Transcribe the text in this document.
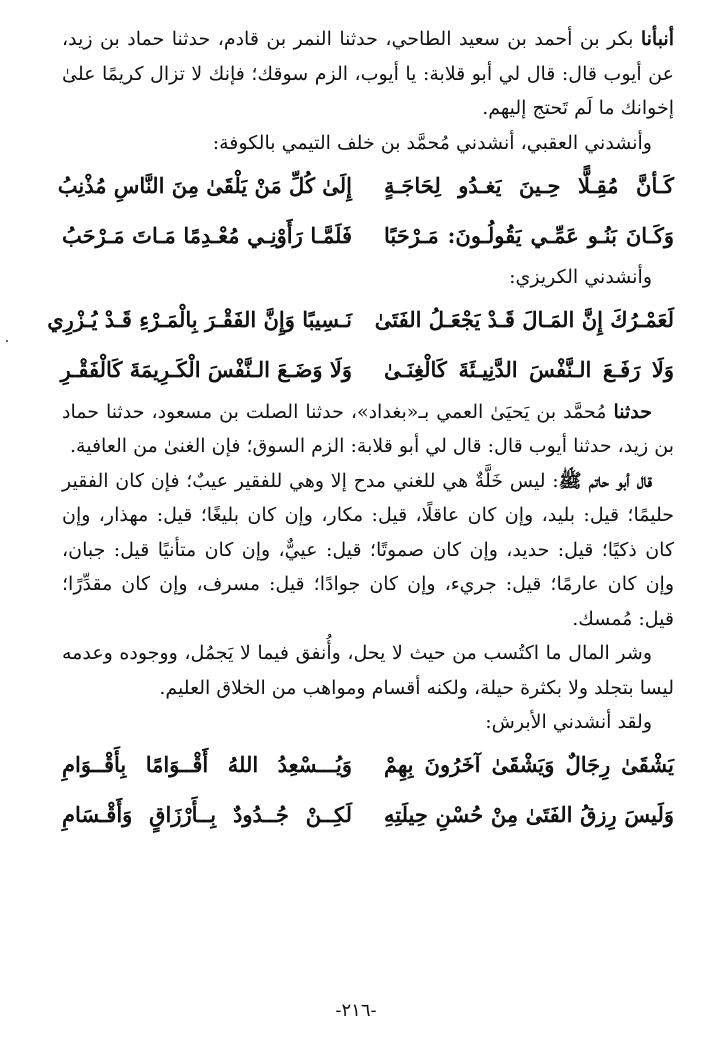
أنبأنا بكر بن أحمد بن سعيد الطاحي، حدثنا النمر بن قادم، حدثنا حماد بن زيد، عن أيوب قال: قال لي أبو قلابة: يا أيوب، الزم سوقك؛ فإنك لا تزال كريمًا علىٰ إخوانك ما لَم تَحتج إليهم.

وأنشدني العقبي، أنشدني مُحمَّد بن خلف التيمي بالكوفة:

كَـأنَّ مُقِـلًّا حِـينَ يَغـدُو لِحَاجَـةٍ
إِلَىٰ كُلِّ مَنْ يَلْقَىٰ مِنَ النَّاسِ مُذْنِبُ
وَكَـانَ بَنُـو عَمِّـي يَقُولُـونَ: مَـرْحَبًا
فَلَمَّـا رَأَوْنِـي مُعْـدِمًا مَـاتَ مَـرْحَبُ

وأنشدني الكريزي:

لَعَمْـرُكَ إِنَّ المَـالَ قَـدْ يَجْعَـلُ الفَتَىٰ
نَـسِيبًا وَإِنَّ الفَقْـرَ بِالْمَـرْءِ قَـدْ يُـزْرِي
وَلَا رَفَـعَ الـنَّفْسَ الدَّنِيـئَةَ كَالْغِنَـىٰ
وَلَا وَضَـعَ الـنَّفْسَ الْكَـرِيمَةَ كَالْفَقْـرِ

حدثنا مُحمَّد بن يَحيَىٰ العمي بـ«بغداد»، حدثنا الصلت بن مسعود، حدثنا حماد بن زيد، حدثنا أيوب قال: قال لي أبو قلابة: الزم السوق؛ فإن الغنىٰ من العافية.

قال أبو حاتم ﷺ: ليس خَلَّةٌ هي للغني مدح إلا وهي للفقير عيبٌ؛ فإن كان الفقير حليمًا؛ قيل: بليد، وإن كان عاقلًا، قيل: مكار، وإن كان بليغًا؛ قيل: مهذار، وإن كان ذكيًا؛ قيل: حديد، وإن كان صموتًا؛ قيل: عييٌّ، وإن كان متأنيًا قيل: جبان، وإن كان عارمًا؛ قيل: جريء، وإن كان جوادًا؛ قيل: مسرف، وإن كان مقدِّرًا؛ قيل: مُمسك.

وشر المال ما اكتُسب من حيث لا يحل، وأُنفق فيما لا يَجمُل، ووجوده وعدمه ليسا بتجلد ولا بكثرة حيلة، ولكنه أقسام ومواهب من الخلاق العليم.

ولقد أنشدني الأبرش:

يَشْقَىٰ رِجَالٌ وَيَشْقَىٰ آخَرُونَ بِهِمْ
وَيُـــسْعِدُ اللهُ أَقْــوَامًا بِأَقْــوَامِ
وَلَيسَ رِزقُ الفَتَىٰ مِنْ حُسْنِ حِيلَتِهِ
لَكِــنْ جُــدُودٌ بِــأَرْزَاقٍ وَأَقْـسَامِ
-٢١٦-
